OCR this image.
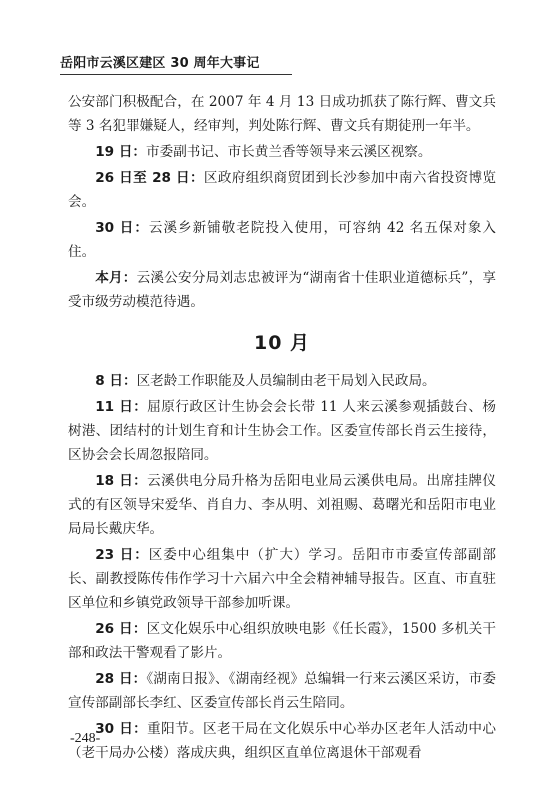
岳阳市云溪区建区 30 周年大事记

公安部门积极配合，在 2007 年 4 月 13 日成功抓获了陈行辉、曹文兵等 3 名犯罪嫌疑人，经审判，判处陈行辉、曹文兵有期徒刑一年半。

19 日：市委副书记、市长黄兰香等领导来云溪区视察。

26 日至 28 日：区政府组织商贸团到长沙参加中南六省投资博览会。

30 日：云溪乡新铺敬老院投入使用，可容纳 42 名五保对象入住。

本月：云溪公安分局刘志忠被评为“湖南省十佳职业道德标兵”，享受市级劳动模范待遇。

10 月

8 日：区老龄工作职能及人员编制由老干局划入民政局。

11 日：屈原行政区计生协会会长带 11 人来云溪参观插鼓台、杨树港、团结村的计划生育和计生协会工作。区委宣传部长肖云生接待，区协会会长周忽报陪同。

18 日：云溪供电分局升格为岳阳电业局云溪供电局。出席挂牌仪式的有区领导宋爱华、肖自力、李从明、刘祖赐、葛曙光和岳阳市电业局局长戴庆华。

23 日：区委中心组集中（扩大）学习。岳阳市市委宣传部副部长、副教授陈传伟作学习十六届六中全会精神辅导报告。区直、市直驻区单位和乡镇党政领导干部参加听课。

26 日：区文化娱乐中心组织放映电影《任长霞》，1500 多机关干部和政法干警观看了影片。

28 日：《湖南日报》、《湖南经视》总编辑一行来云溪区采访，市委宣传部副部长李红、区委宣传部长肖云生陪同。

30 日：重阳节。区老干局在文化娱乐中心举办区老年人活动中心（老干局办公楼）落成庆典，组织区直单位离退休干部观看

-248-
